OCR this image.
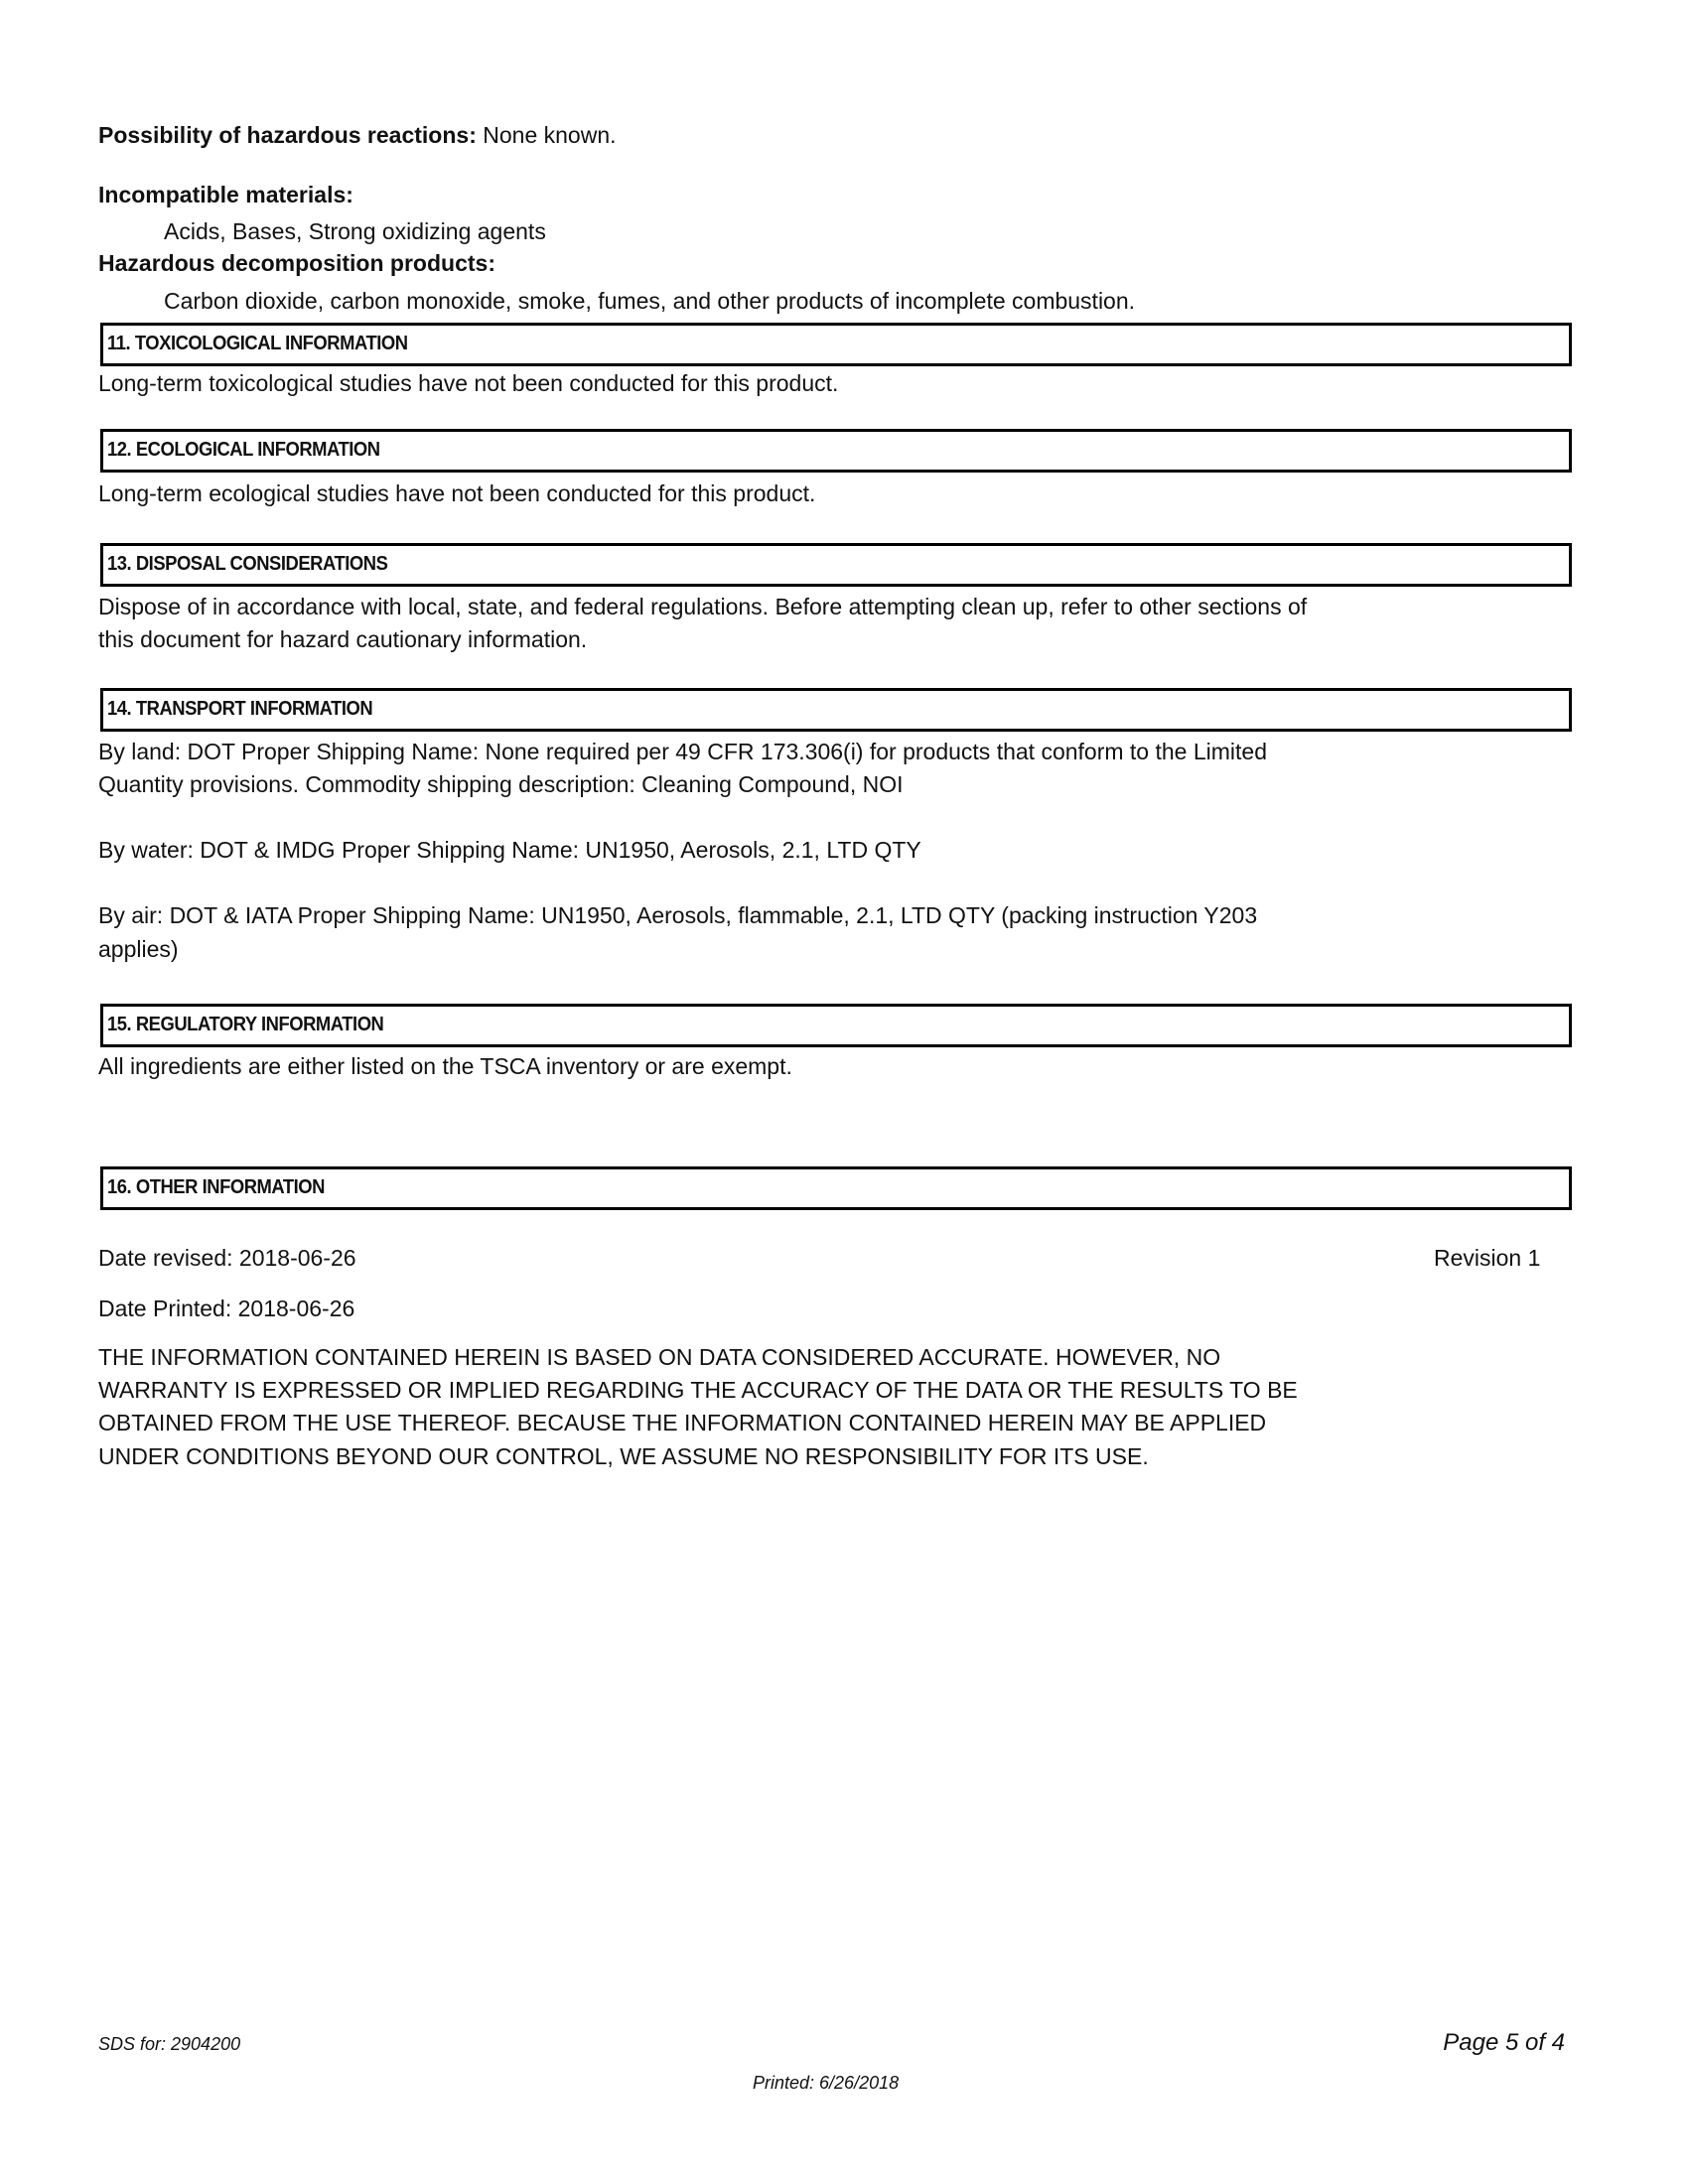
Possibility of hazardous reactions: None known.
Incompatible materials:
Acids, Bases, Strong oxidizing agents
Hazardous decomposition products:
Carbon dioxide, carbon monoxide, smoke, fumes, and other products of incomplete combustion.
11. TOXICOLOGICAL INFORMATION
Long-term toxicological studies have not been conducted for this product.
12. ECOLOGICAL INFORMATION
Long-term ecological studies have not been conducted for this product.
13. DISPOSAL CONSIDERATIONS
Dispose of in accordance with local, state, and federal regulations. Before attempting clean up, refer to other sections of
this document for hazard cautionary information.
14. TRANSPORT INFORMATION
By land: DOT Proper Shipping Name: None required per 49 CFR 173.306(i) for products that conform to the Limited
Quantity provisions. Commodity shipping description: Cleaning Compound, NOI
By water: DOT & IMDG Proper Shipping Name: UN1950, Aerosols, 2.1, LTD QTY
By air: DOT & IATA Proper Shipping Name: UN1950, Aerosols, flammable, 2.1, LTD QTY (packing instruction Y203
applies)
15. REGULATORY INFORMATION
All ingredients are either listed on the TSCA inventory or are exempt.
16. OTHER INFORMATION
Date revised: 2018-06-26	Revision 1
Date Printed: 2018-06-26
THE INFORMATION CONTAINED HEREIN IS BASED ON DATA CONSIDERED ACCURATE. HOWEVER, NO
WARRANTY IS EXPRESSED OR IMPLIED REGARDING THE ACCURACY OF THE DATA OR THE RESULTS TO BE
OBTAINED FROM THE USE THEREOF. BECAUSE THE INFORMATION CONTAINED HEREIN MAY BE APPLIED
UNDER CONDITIONS BEYOND OUR CONTROL, WE ASSUME NO RESPONSIBILITY FOR ITS USE.
SDS for: 2904200	Page 5 of 4
Printed: 6/26/2018
